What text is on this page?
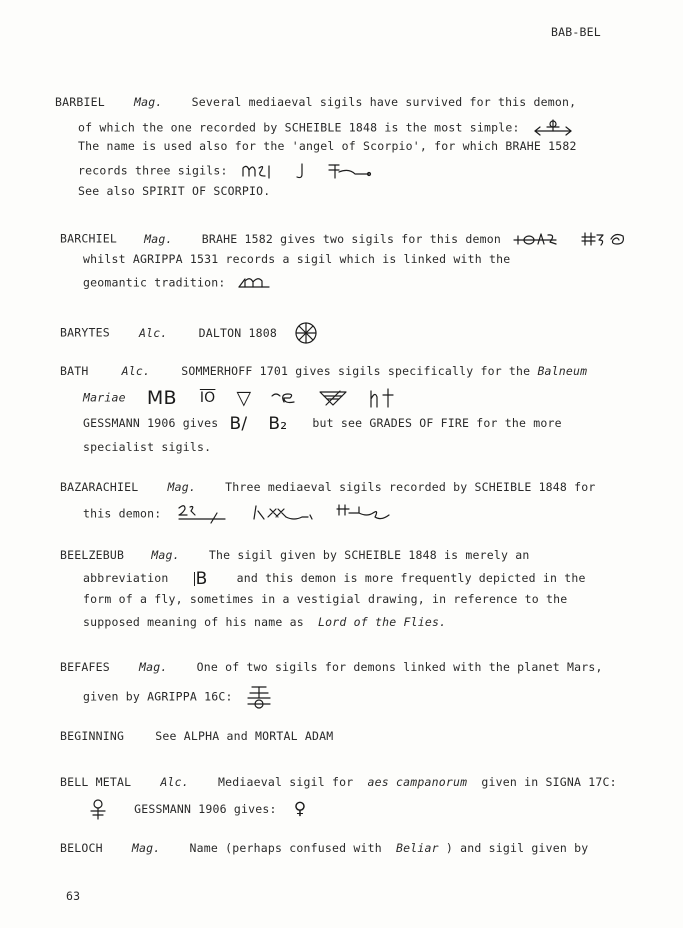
BAB-BEL
BARBIEL	Mag.	Several mediaeval sigils have survived for this demon,
of which the one recorded by SCHEIBLE 1848 is the most simple:
The name is used also for the 'angel of Scorpio', for which BRAHE 1582
records three sigils:
See also SPIRIT OF SCORPIO.
BARCHIEL Mag.	BRAHE 1582 gives two sigils for this demon
whilst AGRIPPA 1531 records a sigil which is linked with the
geomantic tradition:
BARYTES	Alc.	DALTON 1808
BATH	Alc.	SOMMERHOFF 1701 gives sigils specifically for the Balneum
Mariae MB $\overline{IO}$ ▽
GESSMANN 1906 gives B/ B₂ but see GRADES OF FIRE for the more
specialist sigils.
BAZARACHIEL	Mag.	Three mediaeval sigils recorded by SCHEIBLE 1848 for
this demon:
BEELZEBUB Mag.	The sigil given by SCHEIBLE 1848 is merely an
abbreviation B	and this demon is more frequently depicted in the
form of a fly, sometimes in a vestigial drawing, in reference to the
supposed meaning of his name as Lord of the Flies.
BEFAFES	Mag.	One of two sigils for demons linked with the planet Mars,
given by AGRIPPA 16C:
BEGINNING	See ALPHA and MORTAL ADAM
BELL METAL	Alc.	Mediaeval sigil for aes campanorum given in SIGNA 17C:
GESSMANN 1906 gives: ♀
BELOCH	Mag.	Name (perhaps confused with Beliar ) and sigil given by
63
